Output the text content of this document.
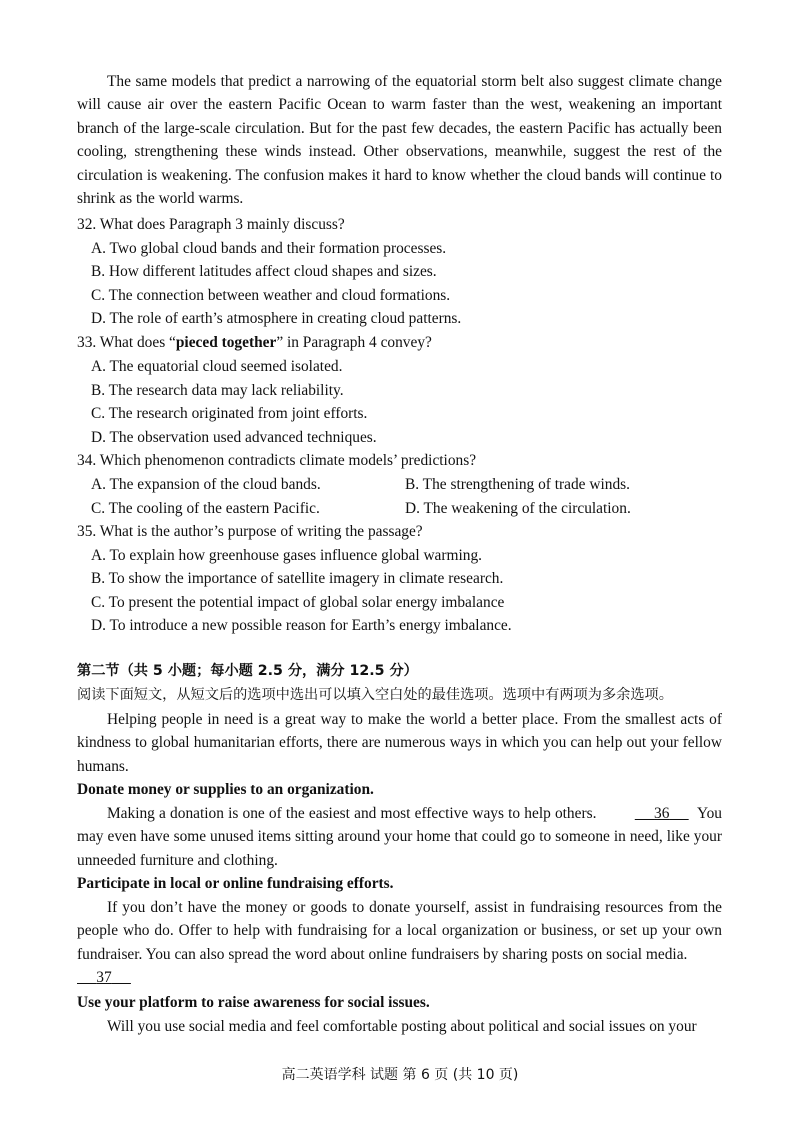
The same models that predict a narrowing of the equatorial storm belt also suggest climate change will cause air over the eastern Pacific Ocean to warm faster than the west, weakening an important branch of the large-scale circulation. But for the past few decades, the eastern Pacific has actually been cooling, strengthening these winds instead. Other observations, meanwhile, suggest the rest of the circulation is weakening. The confusion makes it hard to know whether the cloud bands will continue to shrink as the world warms.

32. What does Paragraph 3 mainly discuss?

A. Two global cloud bands and their formation processes.

B. How different latitudes affect cloud shapes and sizes.

C. The connection between weather and cloud formations.

D. The role of earth’s atmosphere in creating cloud patterns.

33. What does “pieced together” in Paragraph 4 convey?

A. The equatorial cloud seemed isolated.

B. The research data may lack reliability.

C. The research originated from joint efforts.

D. The observation used advanced techniques.

34. Which phenomenon contradicts climate models’ predictions?

A. The expansion of the cloud bands.	B. The strengthening of trade winds.

C. The cooling of the eastern Pacific.	D. The weakening of the circulation.

35. What is the author’s purpose of writing the passage?

A. To explain how greenhouse gases influence global warming.

B. To show the importance of satellite imagery in climate research.

C. To present the potential impact of global solar energy imbalance

D. To introduce a new possible reason for Earth’s energy imbalance.

第二节（共 5 小题；每小题 2.5 分，满分 12.5 分）

阅读下面短文，从短文后的选项中选出可以填入空白处的最佳选项。选项中有两项为多余选项。

Helping people in need is a great way to make the world a better place. From the smallest acts of kindness to global humanitarian efforts, there are numerous ways in which you can help out your fellow humans.

Donate money or supplies to an organization.

Making a donation is one of the easiest and most effective ways to help others.	36 You may even have some unused items sitting around your home that could go to someone in need, like your unneeded furniture and clothing.

Participate in local or online fundraising efforts.

If you don’t have the money or goods to donate yourself, assist in fundraising resources from the people who do. Offer to help with fundraising for a local organization or business, or set up your own fundraiser. You can also spread the word about online fundraisers by sharing posts on social media.
37

Use your platform to raise awareness for social issues.

Will you use social media and feel comfortable posting about political and social issues on your

高二英语学科 试题 第 6 页 (共 10 页)
